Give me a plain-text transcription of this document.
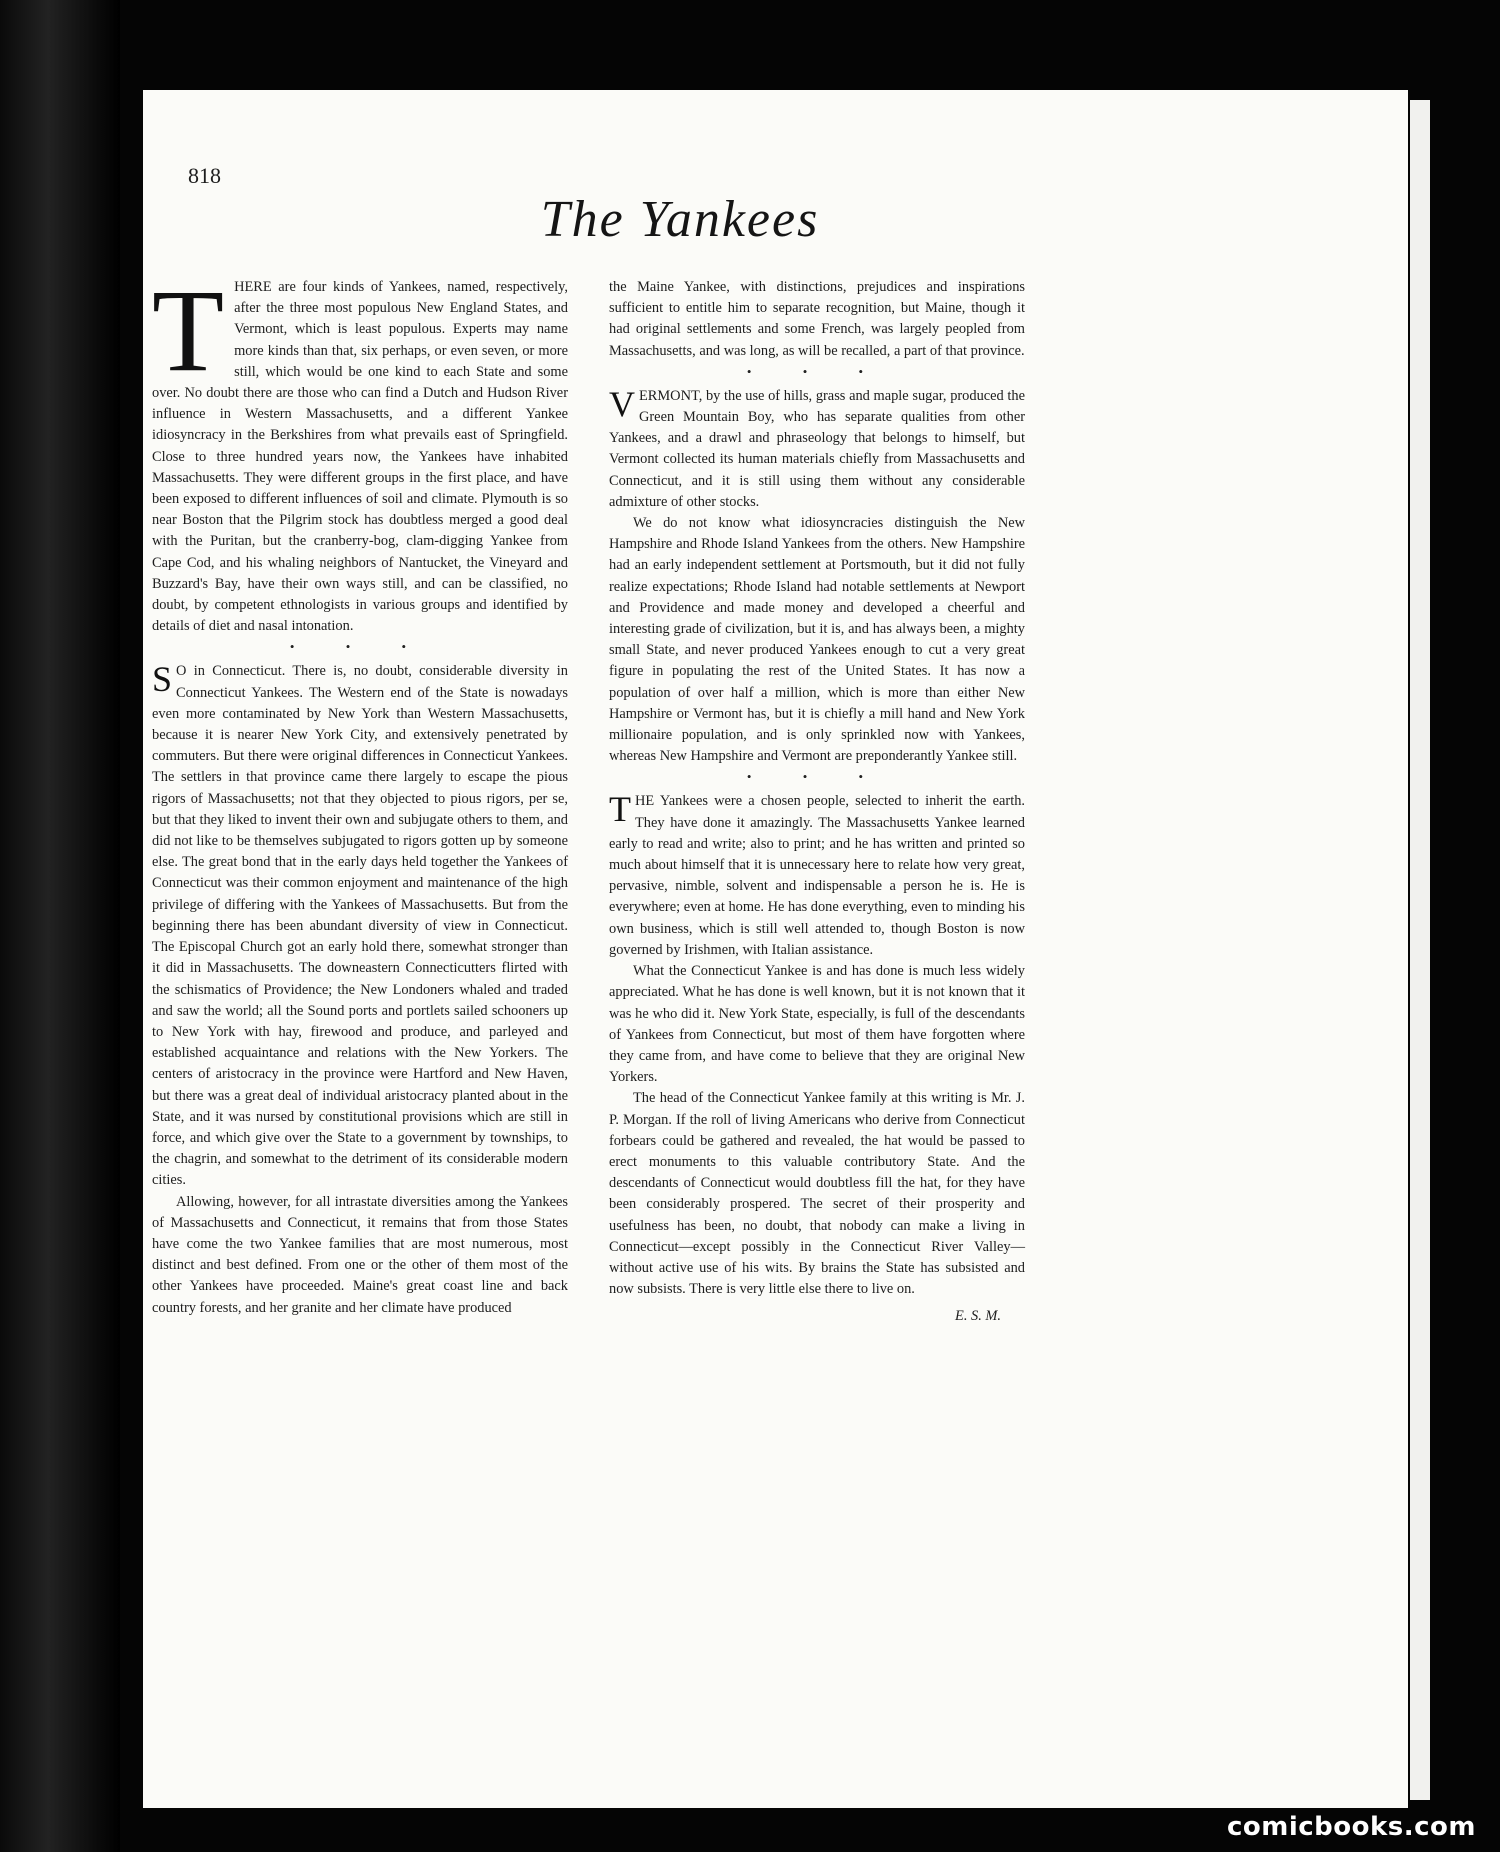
818
The Yankees

THERE are four kinds of Yankees, named, respectively, after the three most populous New England States, and Vermont, which is least populous. Experts may name more kinds than that, six perhaps, or even seven, or more still, which would be one kind to each State and some over. No doubt there are those who can find a Dutch and Hudson River influence in Western Massachusetts, and a different Yankee idiosyncracy in the Berkshires from what prevails east of Springfield. Close to three hundred years now, the Yankees have inhabited Massachusetts. They were different groups in the first place, and have been exposed to different influences of soil and climate. Plymouth is so near Boston that the Pilgrim stock has doubtless merged a good deal with the Puritan, but the cranberry-bog, clam-digging Yankee from Cape Cod, and his whaling neighbors of Nantucket, the Vineyard and Buzzard's Bay, have their own ways still, and can be classified, no doubt, by competent ethnologists in various groups and identified by details of diet and nasal intonation.

• • •

S O in Connecticut. There is, no doubt, considerable diversity in Connecticut Yankees. The Western end of the State is nowadays even more contaminated by New York than Western Massachusetts, because it is nearer New York City, and extensively penetrated by commuters. But there were original differences in Connecticut Yankees. The settlers in that province came there largely to escape the pious rigors of Massachusetts; not that they objected to pious rigors, per se, but that they liked to invent their own and subjugate others to them, and did not like to be themselves subjugated to rigors gotten up by someone else. The great bond that in the early days held together the Yankees of Connecticut was their common enjoyment and maintenance of the high privilege of differing with the Yankees of Massachusetts. But from the beginning there has been abundant diversity of view in Connecticut. The Episcopal Church got an early hold there, somewhat stronger than it did in Massachusetts. The downeastern Connecticutters flirted with the schismatics of Providence; the New Londoners whaled and traded and saw the world; all the Sound ports and portlets sailed schooners up to New York with hay, firewood and produce, and parleyed and established acquaintance and relations with the New Yorkers. The centers of aristocracy in the province were Hartford and New Haven, but there was a great deal of individual aristocracy planted about in the State, and it was nursed by constitutional provisions which are still in force, and which give over the State to a government by townships, to the chagrin, and somewhat to the detriment of its considerable modern cities.

Allowing, however, for all intrastate diversities among the Yankees of Massachusetts and Connecticut, it remains that from those States have come the two Yankee families that are most numerous, most distinct and best defined. From one or the other of them most of the other Yankees have proceeded. Maine's great coast line and back country forests, and her granite and her climate have produced

the Maine Yankee, with distinctions, prejudices and inspirations sufficient to entitle him to separate recognition, but Maine, though it had original settlements and some French, was largely peopled from Massachusetts, and was long, as will be recalled, a part of that province.

• • •

VERMONT, by the use of hills, grass and maple sugar, produced the Green Mountain Boy, who has separate qualities from other Yankees, and a drawl and phraseology that belongs to himself, but Vermont collected its human materials chiefly from Massachusetts and Connecticut, and it is still using them without any considerable admixture of other stocks.

We do not know what idiosyncracies distinguish the New Hampshire and Rhode Island Yankees from the others. New Hampshire had an early independent settlement at Portsmouth, but it did not fully realize expectations; Rhode Island had notable settlements at Newport and Providence and made money and developed a cheerful and interesting grade of civilization, but it is, and has always been, a mighty small State, and never produced Yankees enough to cut a very great figure in populating the rest of the United States. It has now a population of over half a million, which is more than either New Hampshire or Vermont has, but it is chiefly a mill hand and New York millionaire population, and is only sprinkled now with Yankees, whereas New Hampshire and Vermont are preponderantly Yankee still.

• • •

THE Yankees were a chosen people, selected to inherit the earth. They have done it amazingly. The Massachusetts Yankee learned early to read and write; also to print; and he has written and printed so much about himself that it is unnecessary here to relate how very great, pervasive, nimble, solvent and indispensable a person he is. He is everywhere; even at home. He has done everything, even to minding his own business, which is still well attended to, though Boston is now governed by Irishmen, with Italian assistance.

What the Connecticut Yankee is and has done is much less widely appreciated. What he has done is well known, but it is not known that it was he who did it. New York State, especially, is full of the descendants of Yankees from Connecticut, but most of them have forgotten where they came from, and have come to believe that they are original New Yorkers.

The head of the Connecticut Yankee family at this writing is Mr. J. P. Morgan. If the roll of living Americans who derive from Connecticut forbears could be gathered and revealed, the hat would be passed to erect monuments to this valuable contributory State. And the descendants of Connecticut would doubtless fill the hat, for they have been considerably prospered. The secret of their prosperity and usefulness has been, no doubt, that nobody can make a living in Connecticut—except possibly in the Connecticut River Valley—without active use of his wits. By brains the State has subsisted and now subsists. There is very little else there to live on.

E. S. M.
comicbooks.com
